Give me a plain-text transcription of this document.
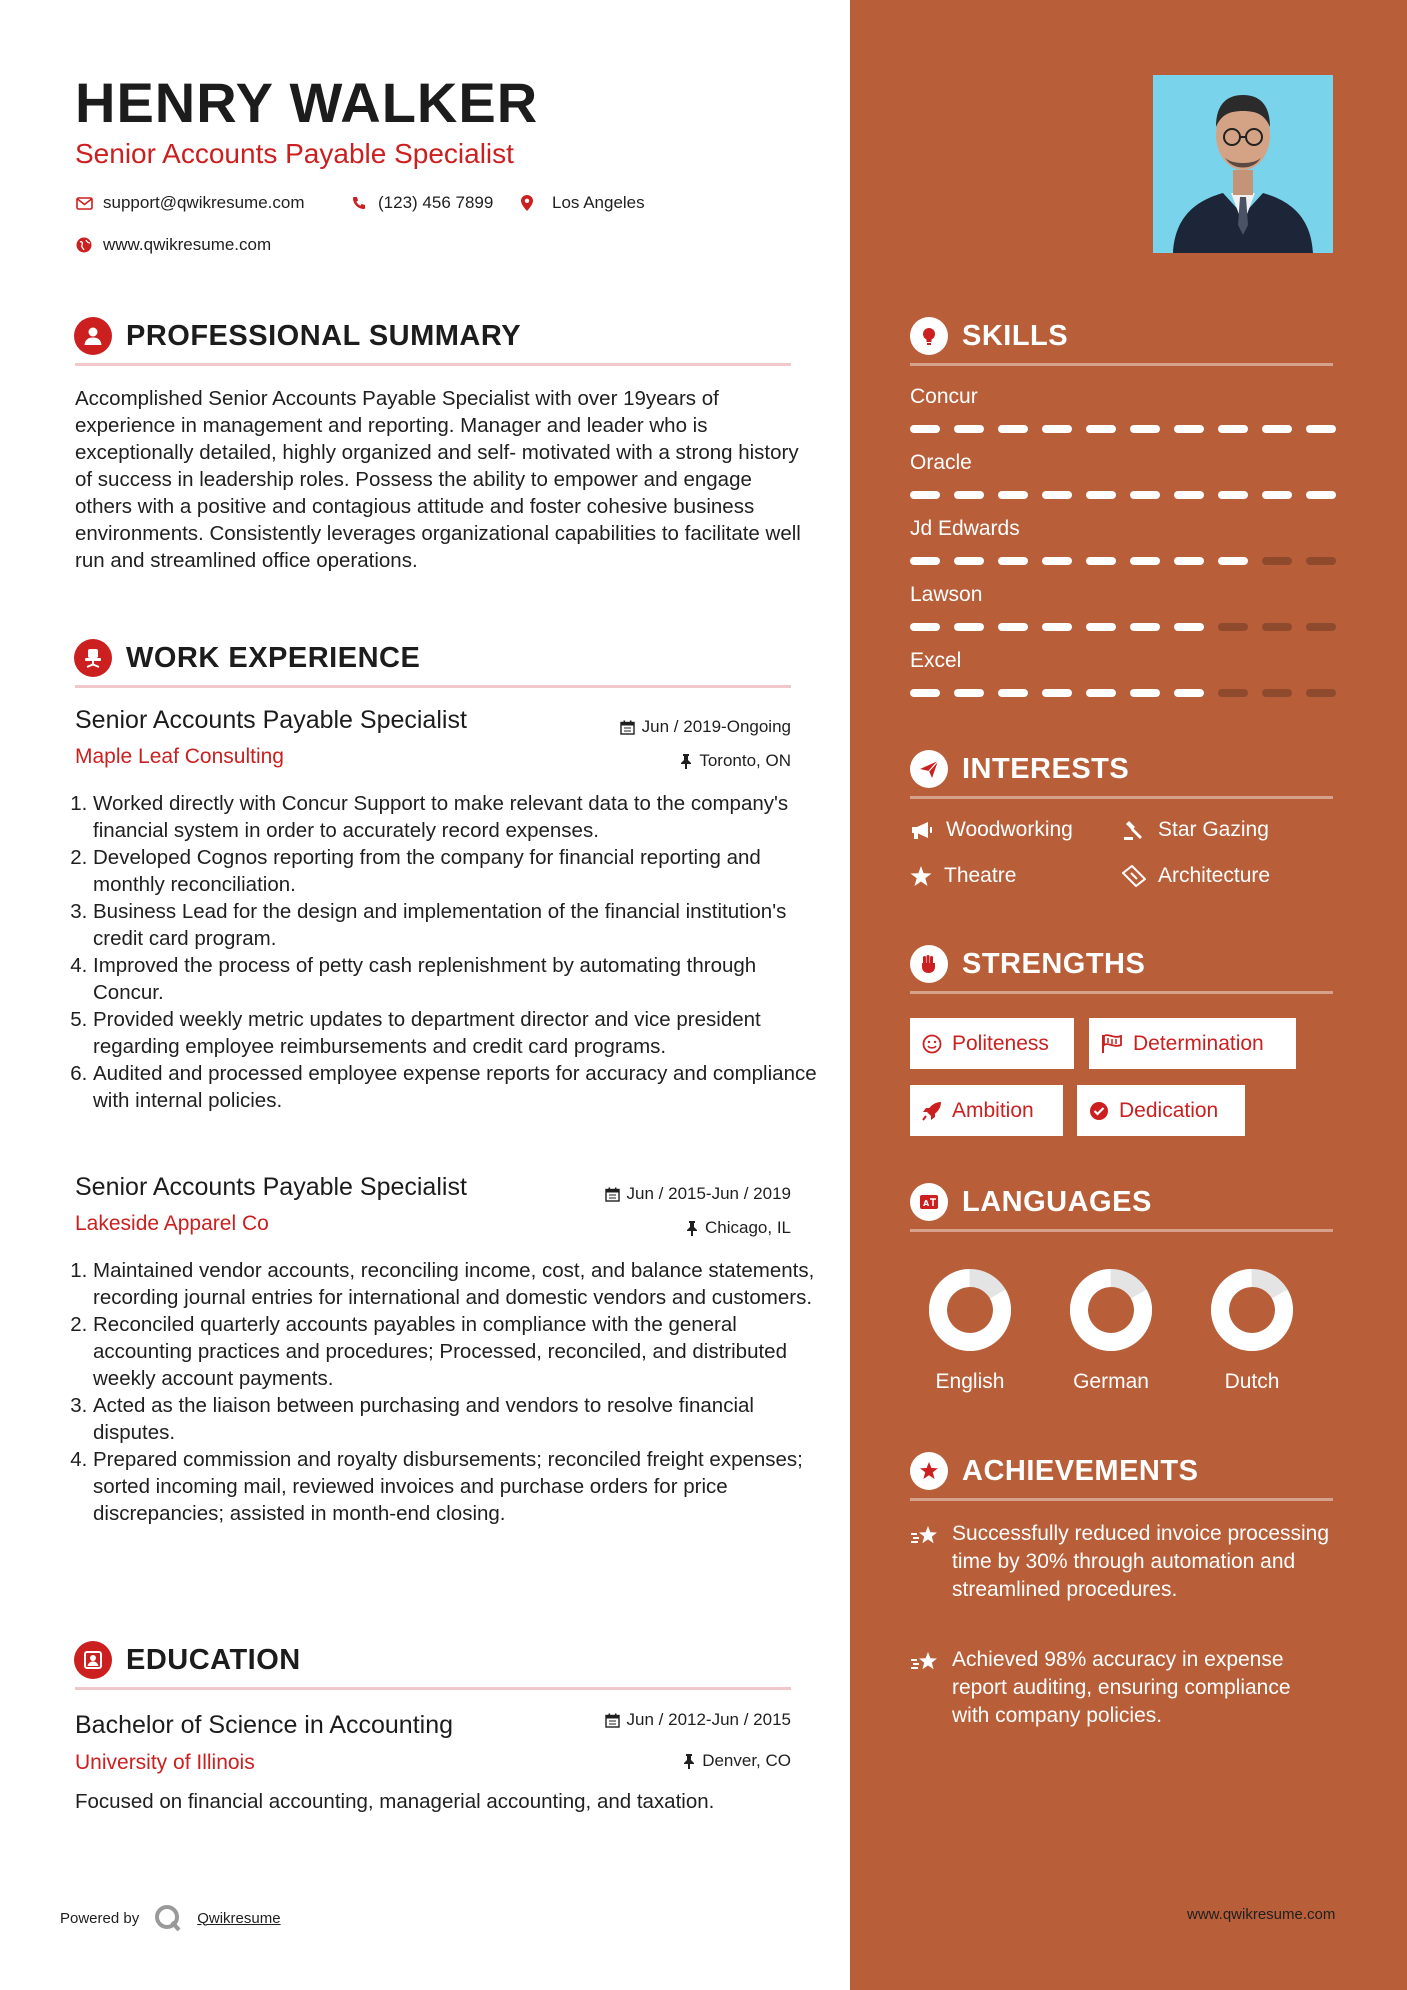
HENRY WALKER
Senior Accounts Payable Specialist
support@qwikresume.com	(123) 456 7899	Los Angeles
www.qwikresume.com
PROFESSIONAL SUMMARY

Accomplished Senior Accounts Payable Specialist with over 19years of experience in management and reporting. Manager and leader who is exceptionally detailed, highly organized and self- motivated with a strong history of success in leadership roles. Possess the ability to empower and engage others with a positive and contagious attitude and foster cohesive business environments. Consistently leverages organizational capabilities to facilitate well run and streamlined office operations.

WORK EXPERIENCE
Senior Accounts Payable Specialist	Jun / 2019-Ongoing
Maple Leaf Consulting	Toronto, ON
1. Worked directly with Concur Support to make relevant data to the company's financial system in order to accurately record expenses.
2. Developed Cognos reporting from the company for financial reporting and monthly reconciliation.
3. Business Lead for the design and implementation of the financial institution's credit card program.
4. Improved the process of petty cash replenishment by automating through Concur.
5. Provided weekly metric updates to department director and vice president regarding employee reimbursements and credit card programs.
6. Audited and processed employee expense reports for accuracy and compliance with internal policies.
Senior Accounts Payable Specialist	Jun / 2015-Jun / 2019
Lakeside Apparel Co	Chicago, IL
1. Maintained vendor accounts, reconciling income, cost, and balance statements, recording journal entries for international and domestic vendors and customers.
2. Reconciled quarterly accounts payables in compliance with the general accounting practices and procedures; Processed, reconciled, and distributed weekly account payments.
3. Acted as the liaison between purchasing and vendors to resolve financial disputes.
4. Prepared commission and royalty disbursements; reconciled freight expenses; sorted incoming mail, reviewed invoices and purchase orders for price discrepancies; assisted in month-end closing.
EDUCATION
Bachelor of Science in Accounting	Jun / 2012-Jun / 2015
University of Illinois	Denver, CO

Focused on financial accounting, managerial accounting, and taxation.

Powered by	Qwikresume
SKILLS
Concur
Oracle
Jd Edwards
Lawson
Excel
INTERESTS
Woodworking	Star Gazing
Theatre	Architecture
STRENGTHS
Politeness	Determination
Ambition	Dedication
A LANGUAGES
English	German	Dutch
ACHIEVEMENTS
Successfully reduced invoice processing time by 30% through automation and streamlined procedures.
Achieved 98% accuracy in expense report auditing, ensuring compliance with company policies.
www.qwikresume.com
